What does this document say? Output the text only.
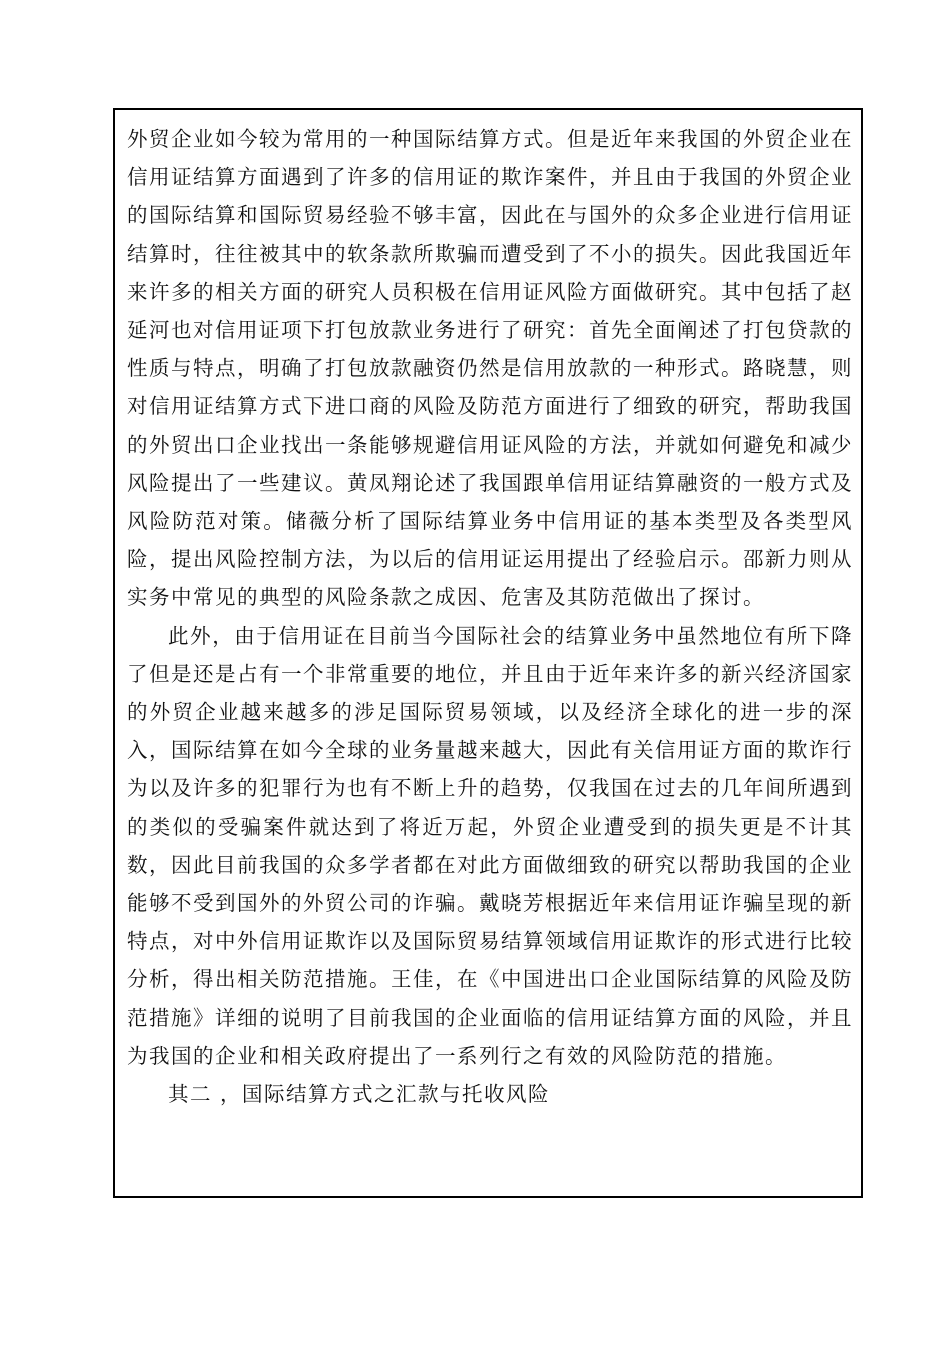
外贸企业如今较为常用的一种国际结算方式。但是近年来我国的外贸企业在信用证结算方面遇到了许多的信用证的欺诈案件，并且由于我国的外贸企业的国际结算和国际贸易经验不够丰富，因此在与国外的众多企业进行信用证结算时，往往被其中的软条款所欺骗而遭受到了不小的损失。因此我国近年来许多的相关方面的研究人员积极在信用证风险方面做研究。其中包括了赵延河也对信用证项下打包放款业务进行了研究：首先全面阐述了打包贷款的性质与特点，明确了打包放款融资仍然是信用放款的一种形式。路晓慧，则对信用证结算方式下进口商的风险及防范方面进行了细致的研究，帮助我国的外贸出口企业找出一条能够规避信用证风险的方法，并就如何避免和减少风险提出了一些建议。黄凤翔论述了我国跟单信用证结算融资的一般方式及风险防范对策。储薇分析了国际结算业务中信用证的基本类型及各类型风险，提出风险控制方法，为以后的信用证运用提出了经验启示。邵新力则从实务中常见的典型的风险条款之成因、危害及其防范做出了探讨。

此外，由于信用证在目前当今国际社会的结算业务中虽然地位有所下降了但是还是占有一个非常重要的地位，并且由于近年来许多的新兴经济国家的外贸企业越来越多的涉足国际贸易领域，以及经济全球化的进一步的深入，国际结算在如今全球的业务量越来越大，因此有关信用证方面的欺诈行为以及许多的犯罪行为也有不断上升的趋势，仅我国在过去的几年间所遇到的类似的受骗案件就达到了将近万起，外贸企业遭受到的损失更是不计其数，因此目前我国的众多学者都在对此方面做细致的研究以帮助我国的企业能够不受到国外的外贸公司的诈骗。戴晓芳根据近年来信用证诈骗呈现的新特点，对中外信用证欺诈以及国际贸易结算领域信用证欺诈的形式进行比较分析，得出相关防范措施。王佳，在《中国进出口企业国际结算的风险及防范措施》详细的说明了目前我国的企业面临的信用证结算方面的风险，并且为我国的企业和相关政府提出了一系列行之有效的风险防范的措施。

其二 ，国际结算方式之汇款与托收风险
